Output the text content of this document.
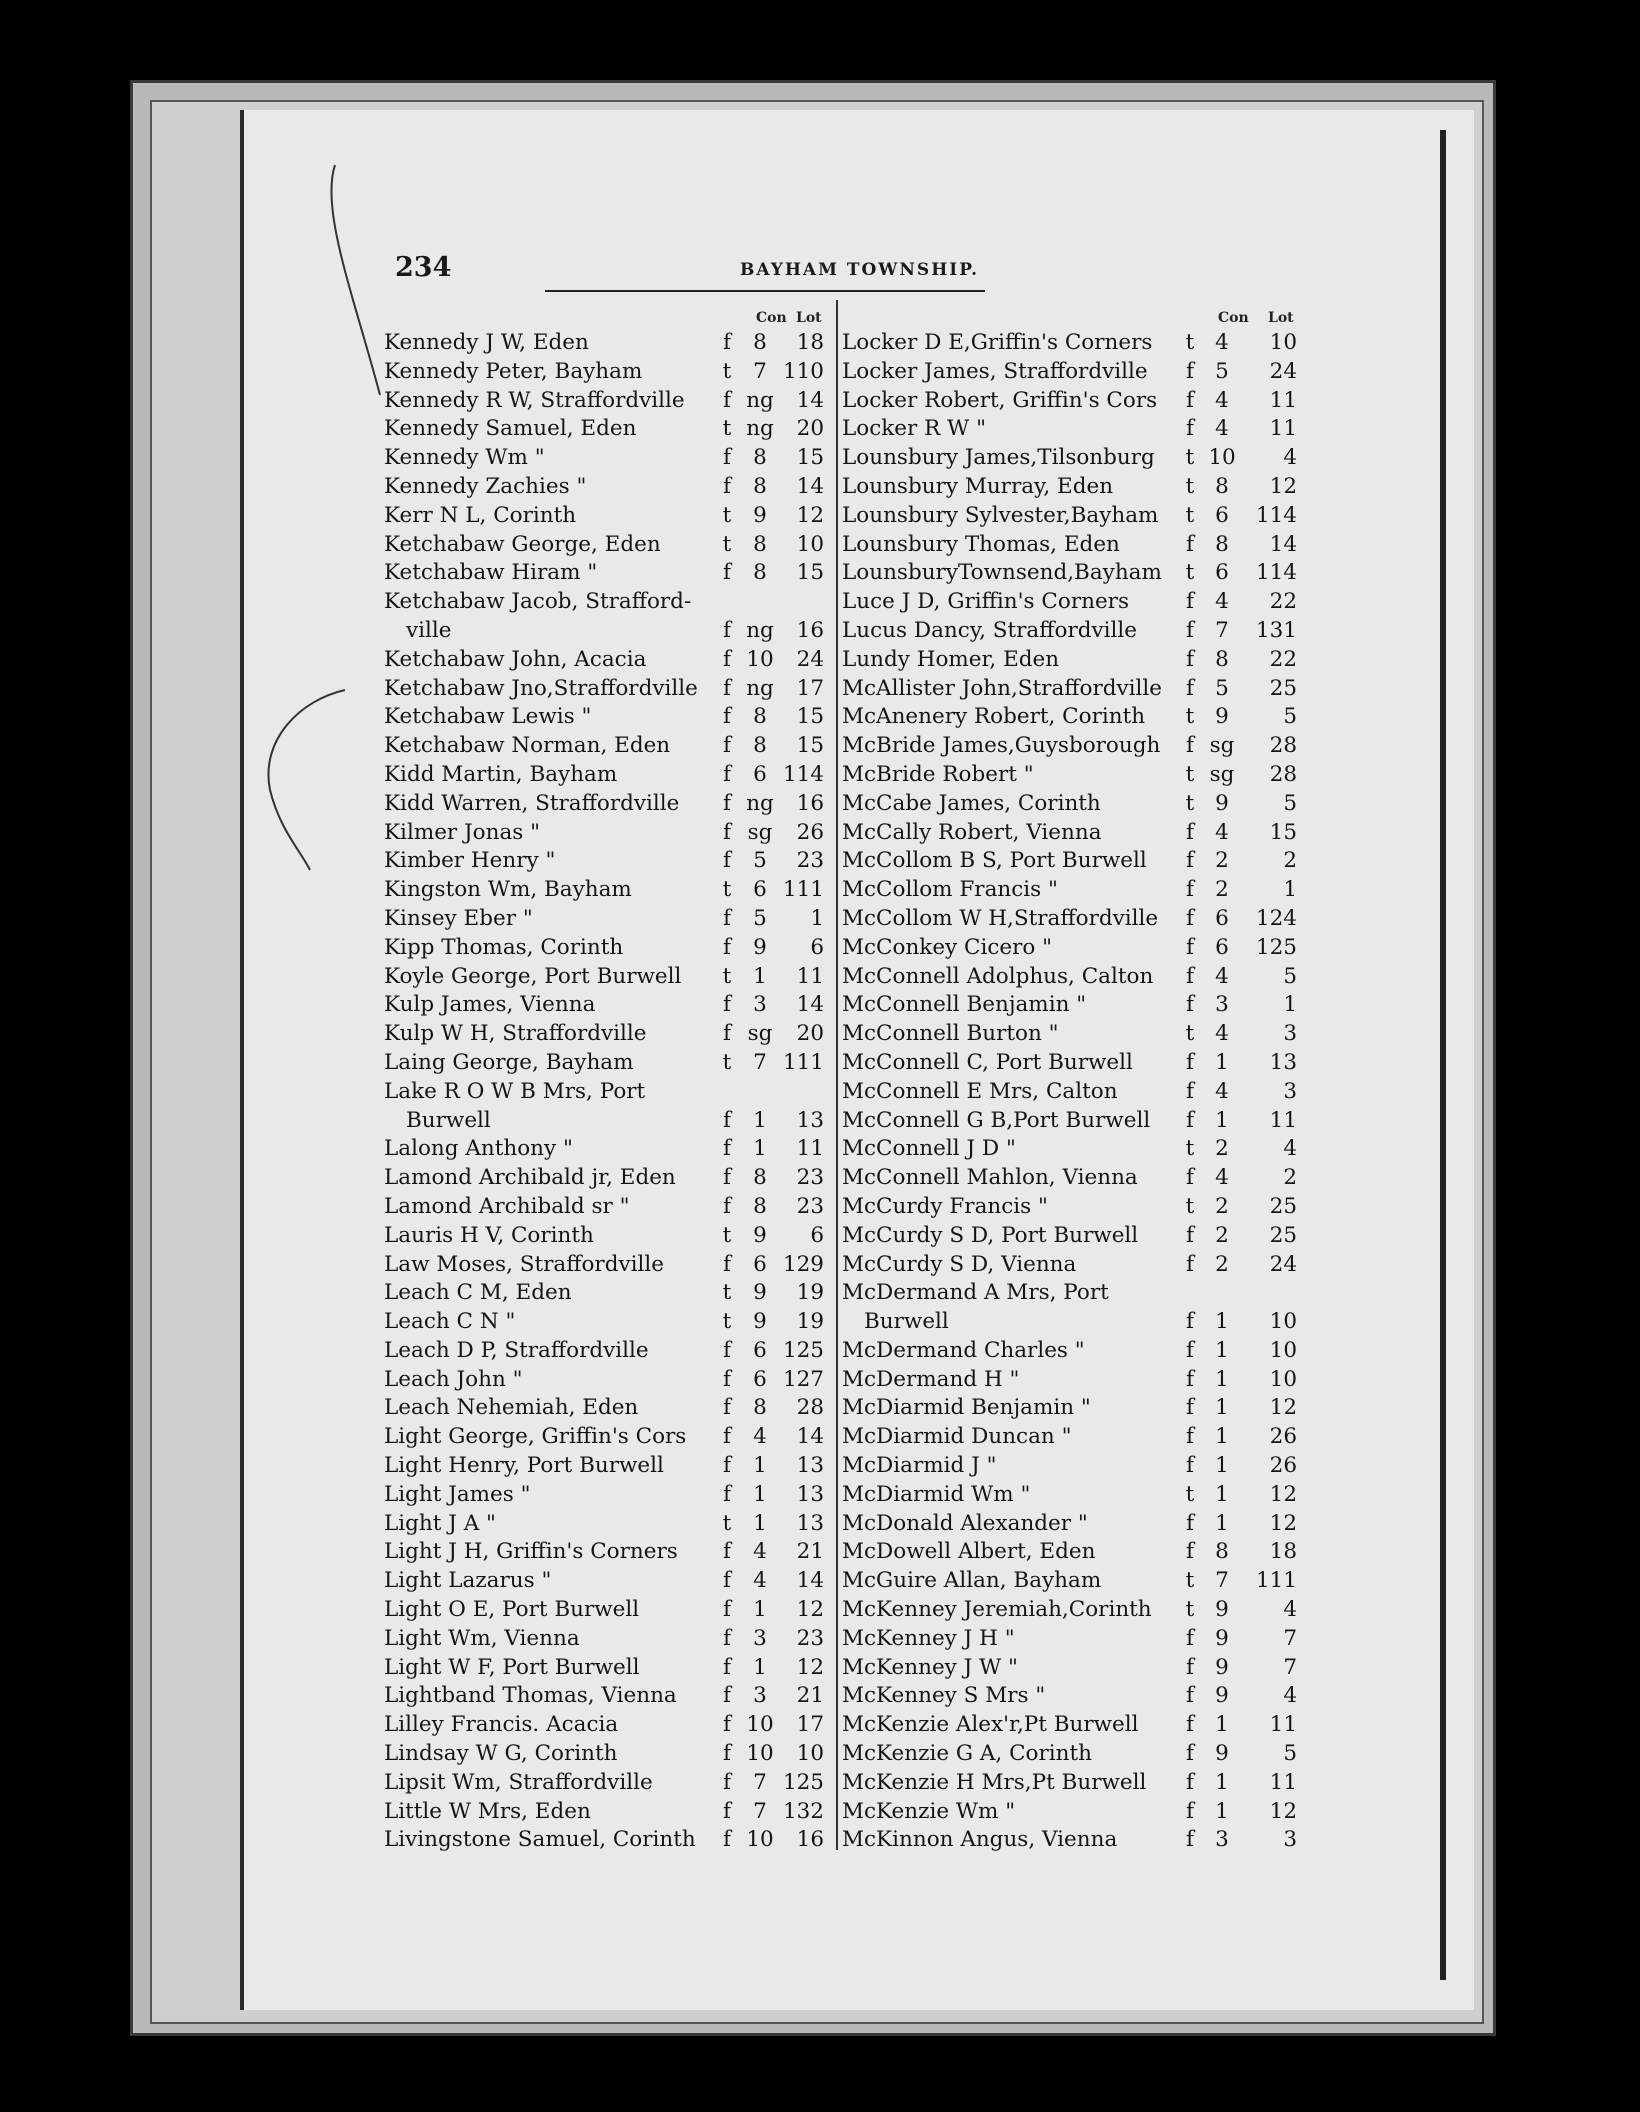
234	BAYHAM TOWNSHIP.
Con Lot
Kennedy J W, Eden	f	8	18
Kennedy Peter, Bayham	t	7 110
Kennedy R W, Straffordville f ng	14
Kennedy Samuel, Eden	t ng	20
Kennedy Wm "	f	8	15
Kennedy Zachies "	f	8	14
Kerr N L, Corinth	t	9	12
Ketchabaw George, Eden	t	8	10
Ketchabaw Hiram "	f	8	15
Ketchabaw Jacob, Strafford-
ville	f ng	16
Ketchabaw John, Acacia	f 10	24
Ketchabaw Jno,Straffordville f ng	17
Ketchabaw Lewis "	f	8	15
Ketchabaw Norman, Eden f	8	15
Kidd Martin, Bayham	f	6 114
Kidd Warren, Straffordville f ng	16
Kilmer Jonas "	f sg	26
Kimber Henry "	f	5	23
Kingston Wm, Bayham	t	6 111
Kinsey Eber "	f	5	1
Kipp Thomas, Corinth	f	9	6
Koyle George, Port Burwell t	1	11
Kulp James, Vienna	f	3	14
Kulp W H, Straffordville	f sg	20
Laing George, Bayham	t	7 111
Lake R O W B Mrs, Port
Burwell	f	1	13
Lalong Anthony "	f	1	11
Lamond Archibald jr, Eden f	8	23
Lamond Archibald sr "	f	8	23
Lauris H V, Corinth	t	9	6
Law Moses, Straffordville	f	6 129
Leach C M, Eden	t	9	19
Leach C N "	t	9	19
Leach D P, Straffordville	f	6 125
Leach John "	f	6 127
Leach Nehemiah, Eden	f	8	28
Light George, Griffin's Cors f	4	14
Light Henry, Port Burwell	f	1	13
Light James "	f	1	13
Light J A "	t	1	13
Light J H, Griffin's Corners f	4	21
Light Lazarus "	f	4	14
Light O E, Port Burwell	f	1	12
Light Wm, Vienna	f	3	23
Light W F, Port Burwell	f	1	12
Lightband Thomas, Vienna f	3	21
Lilley Francis. Acacia	f 10	17
Lindsay W G, Corinth	f 10	10
Lipsit Wm, Straffordville	f	7 125
Little W Mrs, Eden	f	7 132
Livingstone Samuel, Corinth f 10	16
Con Lot
Locker D E,Griffin's Corners t 4	10
Locker James, Straffordville f 5	24
Locker Robert, Griffin's Cors f 4	11
Locker R W "	f 4	11
Lounsbury James,Tilsonburg t 10	4
Lounsbury Murray, Eden	t 8	12
Lounsbury Sylvester,Bayham t 6	114
Lounsbury Thomas, Eden	f 8	14
LounsburyTownsend,Bayham t 6	114
Luce J D, Griffin's Corners	f 4	22
Lucus Dancy, Straffordville f 7	131
Lundy Homer, Eden	f 8	22
McAllister John,Straffordville f 5	25
McAnenery Robert, Corinth t 9	5
McBride James,Guysborough f sg	28
McBride Robert "	t sg	28
McCabe James, Corinth	t 9	5
McCally Robert, Vienna	f 4	15
McCollom B S, Port Burwell f 2	2
McCollom Francis "	f 2	1
McCollom W H,Straffordville f 6	124
McConkey Cicero "	f 6	125
McConnell Adolphus, Calton f 4	5
McConnell Benjamin "	f 3	1
McConnell Burton "	t 4	3
McConnell C, Port Burwell f 1	13
McConnell E Mrs, Calton	f 4	3
McConnell G B,Port Burwell f 1	11
McConnell J D "	t 2	4
McConnell Mahlon, Vienna f 4	2
McCurdy Francis "	t 2	25
McCurdy S D, Port Burwell f 2	25
McCurdy S D, Vienna	f 2	24
McDermand A Mrs, Port
Burwell	f 1	10
McDermand Charles "	f 1	10
McDermand H "	f 1	10
McDiarmid Benjamin "	f 1	12
McDiarmid Duncan "	f 1	26
McDiarmid J "	f 1	26
McDiarmid Wm "	t 1	12
McDonald Alexander "	f 1	12
McDowell Albert, Eden	f 8	18
McGuire Allan, Bayham	t 7	111
McKenney Jeremiah,Corinth t 9	4
McKenney J H "	f 9	7
McKenney J W "	f 9	7
McKenney S Mrs "	f 9	4
McKenzie Alex'r,Pt Burwell f 1	11
McKenzie G A, Corinth	f 9	5
McKenzie H Mrs,Pt Burwell f 1	11
McKenzie Wm "	f 1	12
McKinnon Angus, Vienna	f 3	3
